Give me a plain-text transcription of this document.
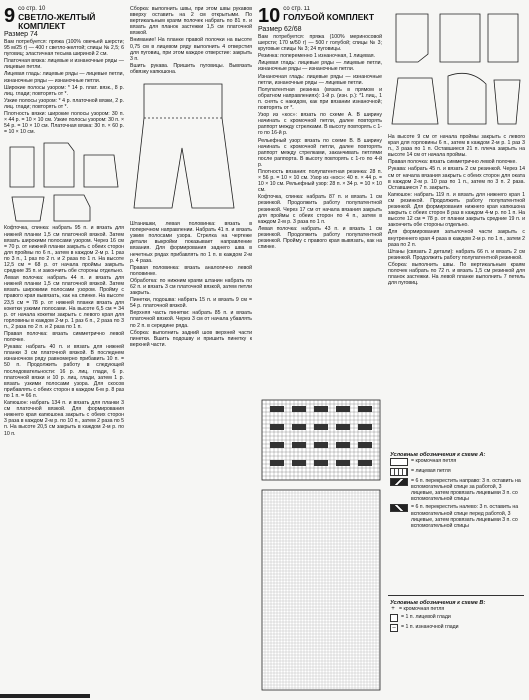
9 со стр. 10
СВЕТЛО-ЖЕЛТЫЙ
КОМПЛЕКТ
Размер 74

Вам потребуется: пряжа (100% овечьей шерсти; 95 м/25 г) — 400 г светло-желтой; спицы № 2,5; 6 пуговиц; эластичная тесьма шириной 2 см.

Платочная вязка: лицевые и изнаночные ряды — лицевые петли.

Лицевая гладь: лицевые ряды — лицевые петли, изнаночные ряды — изнаночные петли.

Широкие полосы узором: * 14 р. плат. вязк., 8 р. лиц. глади; повторять от *.

Узкие полосы узором: * 4 р. платочной вязки, 2 р. лиц. глади; повторять от *.

Плотность вязки: широкие полосы узором: 30 п. × 44 р. = 10 × 10 см. Узкие полосы узором: 30 п. × 54 р. = 10 × 10 см. Платочная вязка: 30 п. × 60 р. = 10 × 10 см.

Кофточка, спинка: набрать 95 п. и вязать для нижней планки 1,5 см платочной вязкой. Затем вязать широкими полосами узором. Через 16 см = 70 р. от нижней планки закрыть с обеих сторон для проймы по 6 п., затем в каждом 2-м р. 1 раз по 3 п., 1 раз по 2 п. и 2 раза по 1 п. На высоте 12,5 см = 68 р. от начала проймы закрыть средние 35 п. и закончить обе стороны отдельно.

Левая полочка: набрать 44 п. и вязать для нижней планки 1,5 см платочной вязкой. Затем вязать широкими полосами узором. Пройму с правого края вывязать, как на спинке. На высоте 23,5 см = 78 р. от нижней планки вязать для кокетки узкими полосами. На высоте 6,5 см = 34 р. от начала кокетки закрыть с левого края для горловины в каждом 2-м р. 1 раз 6 п., 2 раза по 3 п., 2 раза по 2 п. и 2 раза по 1 п.

Правая полочка: вязать симметрично левой полочке.

Рукава: набрать 40 п. и вязать для нижней планки 3 см платочной вязкой. В последнем изнаночном ряду равномерно прибавить 10 п. = 50 п. Продолжить работу в следующей последовательности: 16 р. лиц. глади, 6 р. платочной вязки и 10 р. лиц. глади, затем 1 р. вязать узкими полосами узора. Для скосов прибавлять с обеих сторон в каждом 6-м р. 8 раз по 1 п. = 66 п.

Капюшон: набрать 134 п. и вязать для планки 3 см платочной вязкой. Для формирования нижнего края капюшона закрыть с обеих сторон 3 раза в каждом 2-м р. по 10 п., затем 2 раза по 5 п. На высоте 20,5 см закрыть в каждом 2-м р. по 10 п.

Сборка: выполнить швы, при этом швы рукавов вверху оставить на 2 см открытыми. По вертикальным краям полочек набрать по 81 п. и вязать для планок застежки 1,5 см платочной вязкой.

Внимание! На планке правой полочки на высоте 0,75 см в лицевом ряду выполнить 4 отверстия для пуговиц, при этом каждое отверстие: закрыть 3 п.

Вшить рукава. Пришить пуговицы. Вывязать обвязку капюшона.

Штанишки, левая половинка: вязать в поперечном направлении. Набрать 41 п. и вязать узким полосами узора. Стрелка на чертеже детали выкройки показывает направление вязания. Для формирования заднего шва в нечетных рядах прибавлять по 1 п. в каждом 2-м р. 4 раза.

Правая половинка: вязать аналогично левой половинке.

Обработка: по нижним краям штанин набрать по 62 п. и вязать 3 см платочной вязкой, затем петли закрыть.

Пинетки, подошва: набрать 15 п. и вязать 9 см = 54 р. платочной вязкой.

Верхняя часть пинетки: набрать 85 п. и вязать платочной вязкой. Через 3 см от начала убавлять по 2 п. в середине ряда.

Сборка: выполнить задний шов верхней части пинетки. Вшить подошву и пришить пинетку к верхней части.

10 со стр. 11
ГОЛУБОЙ КОМПЛЕКТ
Размер 62/68

Вам потребуется: пряжа (100% мериносовой шерсти; 170 м/50 г) — 500 г голубой; спицы № 3; круговые спицы № 3; 24 пуговицы.

Резинка: попеременно 1 изнаночная, 1 лицевая.

Лицевая гладь: лицевые ряды — лицевые петли, изнаночные ряды — изнаночные петли.

Изнаночная гладь: лицевые ряды — изнаночные петли, изнаночные ряды — лицевые петли.

Полупатентная резинка (вязать в прямом и обратном направлениях): 1-й р. (изн. р.): *1 лиц., 1 п. снять с накидом, как при вязании изнаночной; повторять от *.

Узор из «кос»: вязать по схеме А. В ширину начинать с кромочной петли, далее повторять раппорт между стрелками. В высоту повторять с 1-го по 16-й р.

Рельефный узор: вязать по схеме В. В ширину начинать с кромочной петли, далее повторять раппорт между стрелками, заканчивать петлями после раппорта. В высоту повторять с 1-го по 4-й р.

Плотность вязания: полупатентная резинка: 28 п. × 56 р. = 10 × 10 см. Узор из «кос»: 40 п. × 44 р. = 10 × 10 см. Рельефный узор: 28 п. × 34 р. = 10 × 10 см.

Кофточка, спинка: набрать 87 п. и вязать 1 см резинкой. Продолжить работу полупатентной резинкой. Через 17 см от начала вязания закрыть для проймы с обеих сторон по 4 п., затем в каждом 2-м р. 3 раза по 1 п.

Левая полочка: набрать 43 п. и вязать 1 см резинкой. Продолжить работу полупатентной резинкой. Пройму с правого края вывязать, как на спинке.

На высоте 9 см от начала проймы закрыть с левого края для горловины 6 п., затем в каждом 2-м р. 1 раз 3 п., 3 раза по 1 п. Оставшиеся 21 п. плеча закрыть на высоте 14 см от начала проймы.

Правая полочка: вязать симметрично левой полочке.

Рукава: набрать 45 п. и вязать 2 см резинкой. Через 14 см от начала вязания закрыть с обеих сторон для оката в каждом 2-м р. 10 раз по 1 п., затем по 3 п. 2 раза. Оставшиеся 7 п. закрыть.

Капюшон: набрать 119 п. и вязать для нижнего края 1 см резинкой. Продолжить работу полупатентной резинкой. Для формирования нижнего края капюшона закрыть с обеих сторон 8 раз в каждом 4-м р. по 1 п. На высоте 12 см = 78 р. от планки закрыть средние 19 п. и закончить обе стороны отдельно.

Для формирования затылочной части закрыть с внутреннего края 4 раза в каждом 2-м р. по 1 п., затем 2 раза по 2 п.

Штаны (связать 2 детали): набрать 66 п. и вязать 2 см резинкой. Продолжить работу полупатентной резинкой.

Сборка: выполнить швы. По вертикальным краям полочек набрать по 72 п. и вязать 1,5 см резинкой для планок застежки. На левой планке выполнить 7 петель для пуговиц.

Условные обозначения к схеме А:
= кромочная петля
= лицевая петля
= 6 п. перекрестить направо: 3 п. оставить на вспомогательной спице за работой, 3 лицевые, затем провязать лицевыми 3 п. со вспомогательной спицы
= 6 п. перекрестить налево: 3 п. оставить на вспомогательной спице перед работой, 3 лицевые, затем провязать лицевыми 3 п. со вспомогательной спицы
Условные обозначения к схеме В:
+ = кромочная петля
= 1 п. лицевой глади
–	= 1 п. изнаночной глади
